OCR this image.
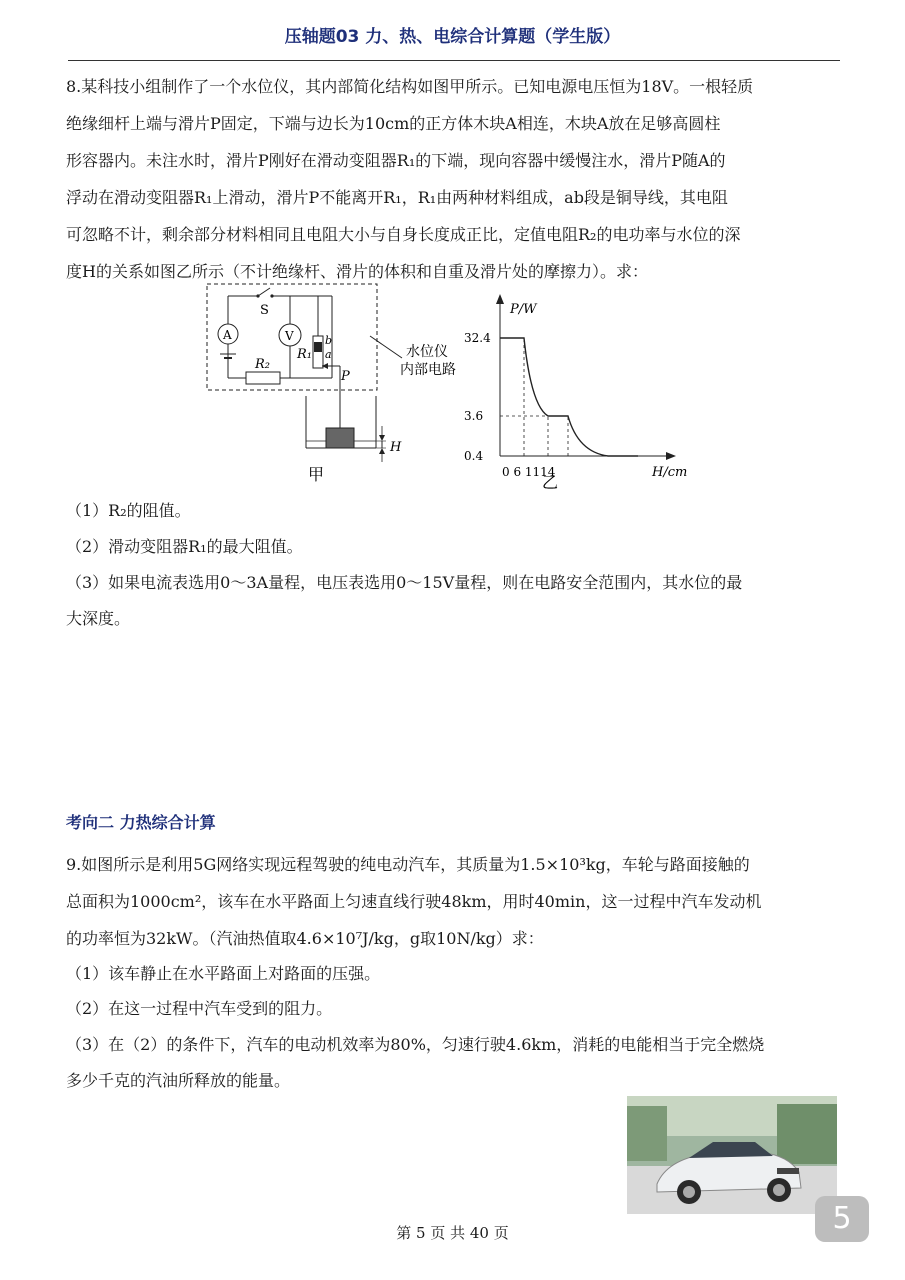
压轴题03 力、热、电综合计算题（学生版）

8.某科技小组制作了一个水位仪，其内部简化结构如图甲所示。已知电源电压恒为18V。一根轻质

绝缘细杆上端与滑片P固定，下端与边长为10cm的正方体木块A相连，木块A放在足够高圆柱

形容器内。未注水时，滑片P刚好在滑动变阻器R₁的下端，现向容器中缓慢注水，滑片P随A的

浮动在滑动变阻器R₁上滑动，滑片P不能离开R₁，R₁由两种材料组成，ab段是铜导线，其电阻

可忽略不计，剩余部分材料相同且电阻大小与自身长度成正比，定值电阻R₂的电功率与水位的深

度H的关系如图乙所示（不计绝缘杆、滑片的体积和自重及滑片处的摩擦力）。求：

S
A
R₂
V
R₁
b
a
P
H
水位仪
内部电路
甲
P/W
H/cm
0 6 1114
乙
32.4
3.6
0.4

（1）R₂的阻值。

（2）滑动变阻器R₁的最大阻值。

（3）如果电流表选用0～3A量程，电压表选用0～15V量程，则在电路安全范围内，其水位的最

大深度。

考向二 力热综合计算

9.如图所示是利用5G网络实现远程驾驶的纯电动汽车，其质量为1.5×10³kg，车轮与路面接触的

总面积为1000cm²，该车在水平路面上匀速直线行驶48km，用时40min，这一过程中汽车发动机

的功率恒为32kW。（汽油热值取4.6×10⁷J/kg，g取10N/kg）求：

（1）该车静止在水平路面上对路面的压强。

（2）在这一过程中汽车受到的阻力。

（3）在（2）的条件下，汽车的电动机效率为80%，匀速行驶4.6km，消耗的电能相当于完全燃烧

多少千克的汽油所释放的能量。

第 5 页 共 40 页	5
